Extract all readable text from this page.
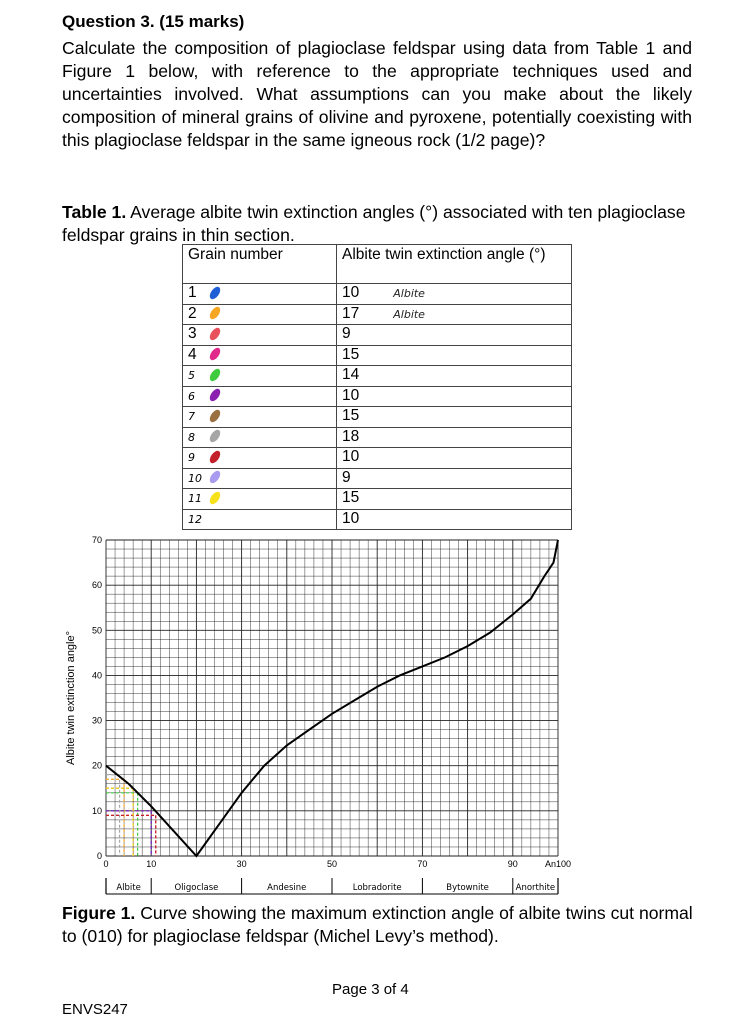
Question 3. (15 marks)
Calculate the composition of plagioclase feldspar using data from Table 1 and Figure 1 below, with reference to the appropriate techniques used and uncertainties involved. What assumptions can you make about the likely composition of mineral grains of olivine and pyroxene, potentially coexisting with this plagioclase feldspar in the same igneous rock (1/2 page)?
Table 1. Average albite twin extinction angles (°) associated with ten plagioclase feldspar grains in thin section.
Grain number	Albite twin extinction angle (°)
1	10 Albite
2	17 Albite
3	9
4	15
5	14
6	10
7	15
8	18
9	10
10	9
11	15
12	10
0
10
20
30
40
50
60
70
0	10	30	50	70	90	An100
Albite twin extinction angle°
Albite	Oligoclase	Andesine	Lobradorite	Bytownite	Anorthite
Figure 1. Curve showing the maximum extinction angle of albite twins cut normal to (010) for plagioclase feldspar (Michel Levy’s method).
Page 3 of 4
ENVS247
